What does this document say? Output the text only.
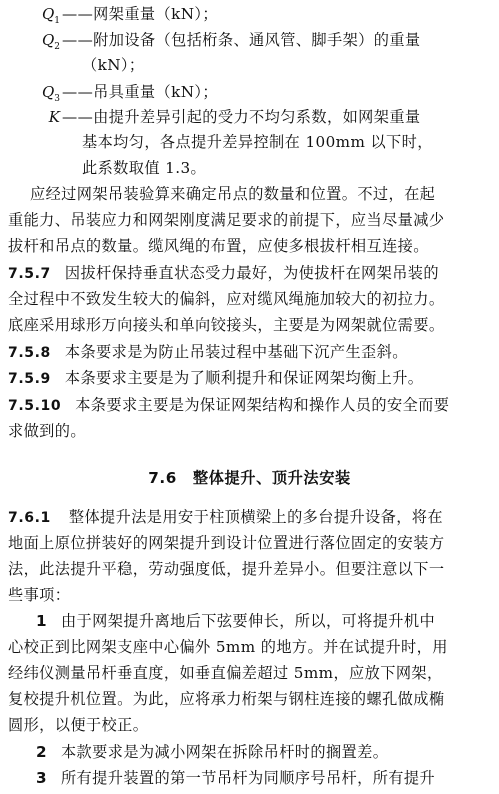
$Q_1$ ——网架重量（kN）；
$Q_2$ ——附加设备（包括桁条、通风管、脚手架）的重量
（kN）；
$Q_3$ ——吊具重量（kN）；
K ——由提升差异引起的受力不均匀系数，如网架重量
基本均匀，各点提升差异控制在 100mm 以下时，
此系数取值 1.3。
应经过网架吊装验算来确定吊点的数量和位置。不过，在起
重能力、吊装应力和网架刚度满足要求的前提下，应当尽量减少
拔杆和吊点的数量。缆风绳的布置，应使多根拔杆相互连接。
7.5.7 因拔杆保持垂直状态受力最好，为使拔杆在网架吊装的
全过程中不致发生较大的偏斜，应对缆风绳施加较大的初拉力。
底座采用球形万向接头和单向铰接头，主要是为网架就位需要。
7.5.8 本条要求是为防止吊装过程中基础下沉产生歪斜。
7.5.9 本条要求主要是为了顺利提升和保证网架均衡上升。
7.5.10 本条要求主要是为保证网架结构和操作人员的安全而要
求做到的。
7.6 整体提升、顶升法安装
7.6.1 整体提升法是用安于柱顶横梁上的多台提升设备，将在
地面上原位拼装好的网架提升到设计位置进行落位固定的安装方
法，此法提升平稳，劳动强度低，提升差异小。但要注意以下一
些事项：
1 由于网架提升离地后下弦要伸长，所以，可将提升机中
心校正到比网架支座中心偏外 5mm 的地方。并在试提升时，用
经纬仪测量吊杆垂直度，如垂直偏差超过 5mm，应放下网架，
复校提升机位置。为此，应将承力桁架与钢柱连接的螺孔做成椭
圆形，以便于校正。
2 本款要求是为减小网架在拆除吊杆时的搁置差。
3 所有提升装置的第一节吊杆为同顺序号吊杆，所有提升
